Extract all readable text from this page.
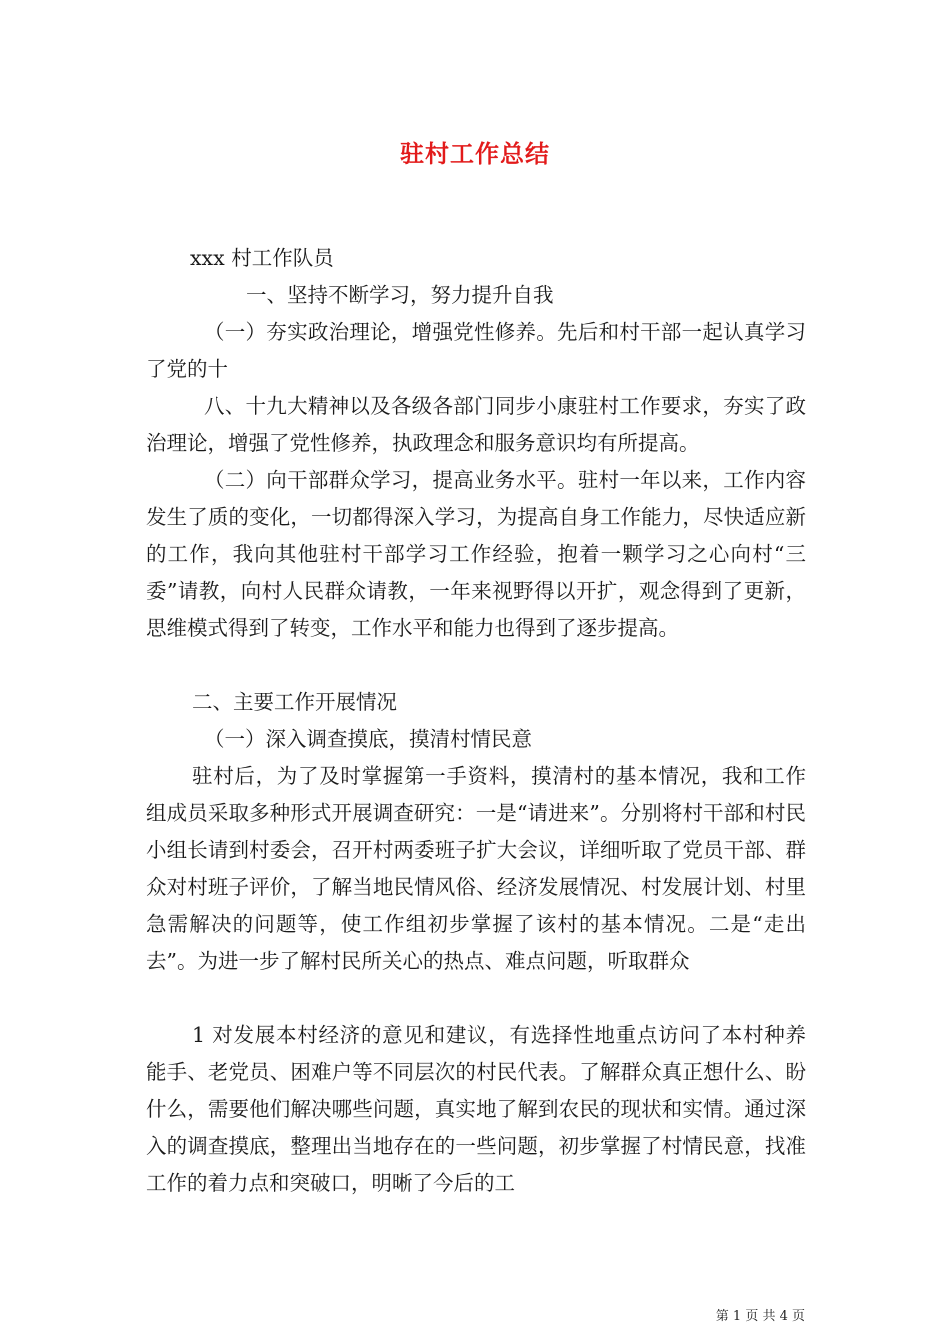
驻村工作总结

xxx 村工作队员

一、坚持不断学习，努力提升自我

（一）夯实政治理论，增强党性修养。先后和村干部一起认真学习了党的十

八、十九大精神以及各级各部门同步小康驻村工作要求，夯实了政治理论，增强了党性修养，执政理念和服务意识均有所提高。

（二）向干部群众学习，提高业务水平。驻村一年以来，工作内容发生了质的变化，一切都得深入学习，为提高自身工作能力，尽快适应新的工作，我向其他驻村干部学习工作经验，抱着一颗学习之心向村“三委”请教，向村人民群众请教，一年来视野得以开扩，观念得到了更新，思维模式得到了转变，工作水平和能力也得到了逐步提高。

二、主要工作开展情况

（一）深入调查摸底，摸清村情民意

驻村后，为了及时掌握第一手资料，摸清村的基本情况，我和工作组成员采取多种形式开展调查研究：一是“请进来”。分别将村干部和村民小组长请到村委会，召开村两委班子扩大会议，详细听取了党员干部、群众对村班子评价，了解当地民情风俗、经济发展情况、村发展计划、村里急需解决的问题等，使工作组初步掌握了该村的基本情况。二是“走出去”。为进一步了解村民所关心的热点、难点问题，听取群众

1 对发展本村经济的意见和建议，有选择性地重点访问了本村种养能手、老党员、困难户等不同层次的村民代表。了解群众真正想什么、盼什么，需要他们解决哪些问题，真实地了解到农民的现状和实情。通过深入的调查摸底，整理出当地存在的一些问题，初步掌握了村情民意，找准工作的着力点和突破口，明晰了今后的工

第 1 页 共 4 页
